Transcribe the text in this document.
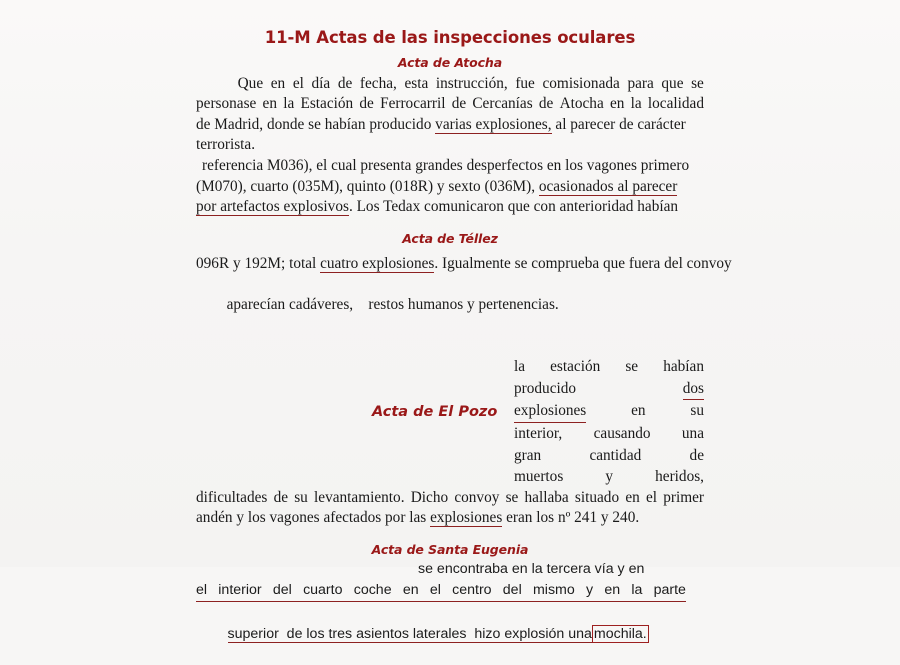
11-M Actas de las inspecciones oculares
Acta de Atocha
Que en el día de fecha, esta instrucción, fue comisionada para que se
personase en la Estación de Ferrocarril de Cercanías de Atocha en la localidad
de Madrid, donde se habían producido varias explosiones, al parecer de carácter
terrorista.
referencia M036), el cual presenta grandes desperfectos en los vagones primero
(M070), cuarto (035M), quinto (018R) y sexto (036M), ocasionados al parecer
por artefactos explosivos. Los Tedax comunicaron que con anterioridad habían
Acta de Téllez
096R y 192M; total cuatro explosiones. Igualmente se comprueba que fuera del convoy

aparecían cadáveres,    restos humanos y pertenencias.

Acta de El Pozo
la estación se habían
producido	dos
explosiones	en	su
interior, causando una
gran	cantidad	de
muertos	y	heridos,
dificultades de su levantamiento. Dicho convoy se hallaba situado en el primer
andén y los vagones afectados por las explosiones eran los nº 241 y 240.
Acta de Santa Eugenia
se encontraba en la tercera vía y en
el interior del cuarto coche en el centro del mismo y en la parte

superior  de los tres asientos laterales  hizo explosión una mochila.
